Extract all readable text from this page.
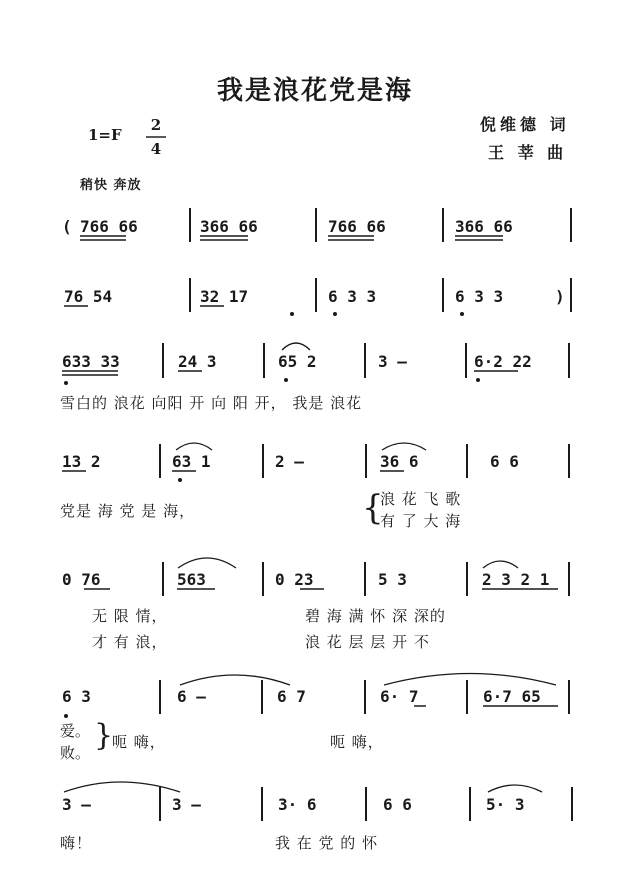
我是浪花党是海
倪维德 词
王 莘 曲
1=F
2
4
稍快 奔放
( 766 66	366 66	766 66	366 66
76 54	32 17	6 3 3	6 3 3	)
633 33	24 3	65 2	3 —	6·2 22
雪白的 浪花 向阳 开 向 阳 开， 我是 浪花
13 2	63 1	2 —	36 6	6 6
党是 海 党 是 海，	{
浪 花 飞 歌
有 了 大 海
0 76	563	0 23	5 3	2 3 2 1
无 限 情，
才 有 浪，
碧 海 满 怀 深 深的
浪 花 层 层 开 不
6 3	6 —	6 7	6· 7	6·7 65
爱。
败。 }
呃 嗨，	呃 嗨，
3 —	3 —	3· 6	6 6	5· 3
嗨！	我 在 党 的 怀
